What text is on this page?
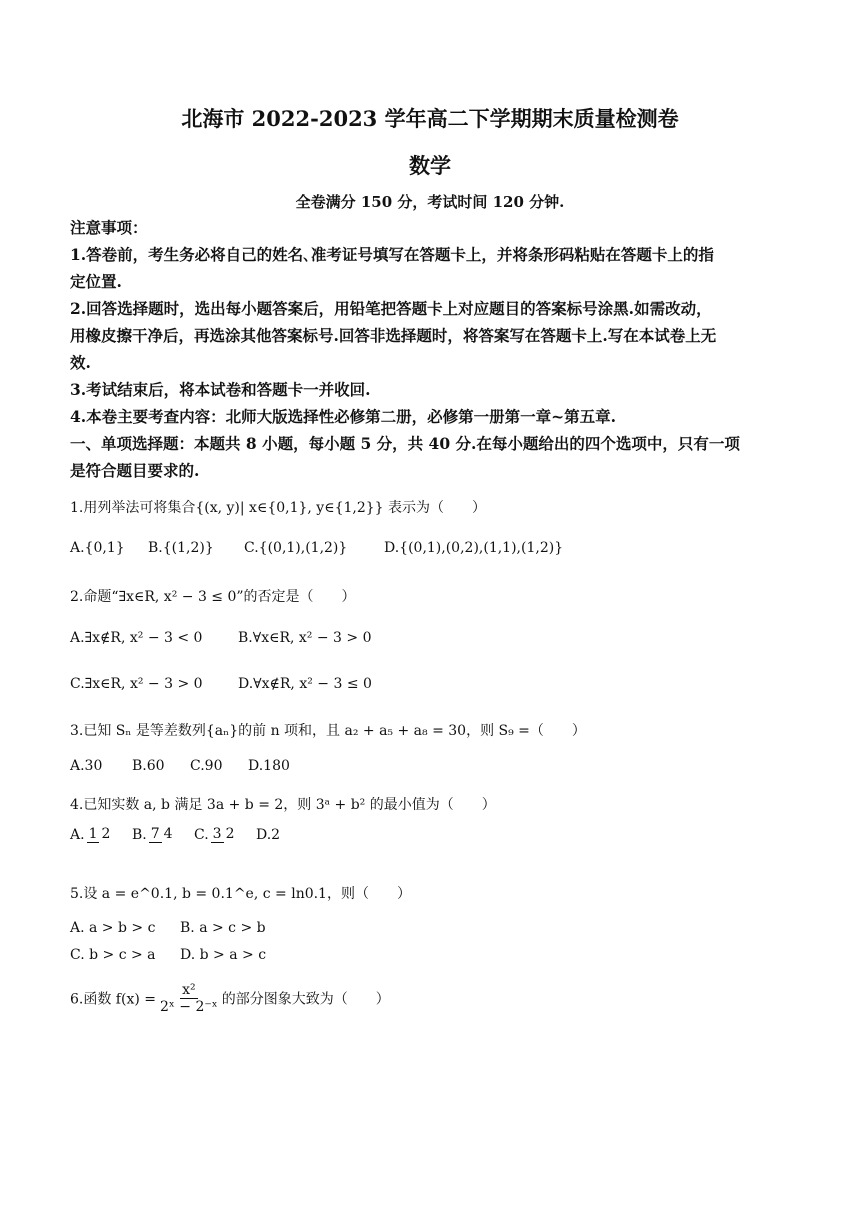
北海市 2022-2023 学年高二下学期期末质量检测卷
数学
全卷满分 150 分，考试时间 120 分钟.
注意事项：
1.答卷前，考生务必将自己的姓名､准考证号填写在答题卡上，并将条形码粘贴在答题卡上的指
定位置.
2.回答选择题时，选出每小题答案后，用铅笔把答题卡上对应题目的答案标号涂黑.如需改动，
用橡皮擦干净后，再选涂其他答案标号.回答非选择题时，将答案写在答题卡上.写在本试卷上无
效.
3.考试结束后，将本试卷和答题卡一并收回.
4.本卷主要考查内容：北师大版选择性必修第二册，必修第一册第一章~第五章.
一、单项选择题：本题共 8 小题，每小题 5 分，共 40 分.在每小题给出的四个选项中，只有一项
是符合题目要求的.
1.用列举法可将集合{(x, y)| x∈{0,1}, y∈{1,2}} 表示为（　　）
A.{0,1} B.{(1,2)} C.{(0,1),(1,2)}	D.{(0,1),(0,2),(1,1),(1,2)}
2.命题“∃x∈R, x² − 3 ≤ 0”的否定是（　　）
A.∃x∉R, x² − 3 < 0	B.∀x∈R, x² − 3 > 0
C.∃x∈R, x² − 3 > 0	D.∀x∉R, x² − 3 ≤ 0
3.已知 Sₙ 是等差数列{aₙ}的前 n 项和，且 a₂ + a₅ + a₈ = 30，则 S₉ =（　　）
A.30 B.60 C.90 D.180
4.已知实数 a, b 满足 3a + b = 2，则 3ᵃ + b² 的最小值为（　　）
A. 1 2 B. 7 4 C. 3 2 D.2
5.设 a = e^0.1, b = 0.1^e, c = ln0.1，则（　　）
A. a > b > c B. a > c > b
C. b > c > a D. b > a > c
6.函数 $f(x) = \frac{\text{x²}}{\text{2ˣ − 2⁻ˣ}}$ 的部分图象大致为（　　）
